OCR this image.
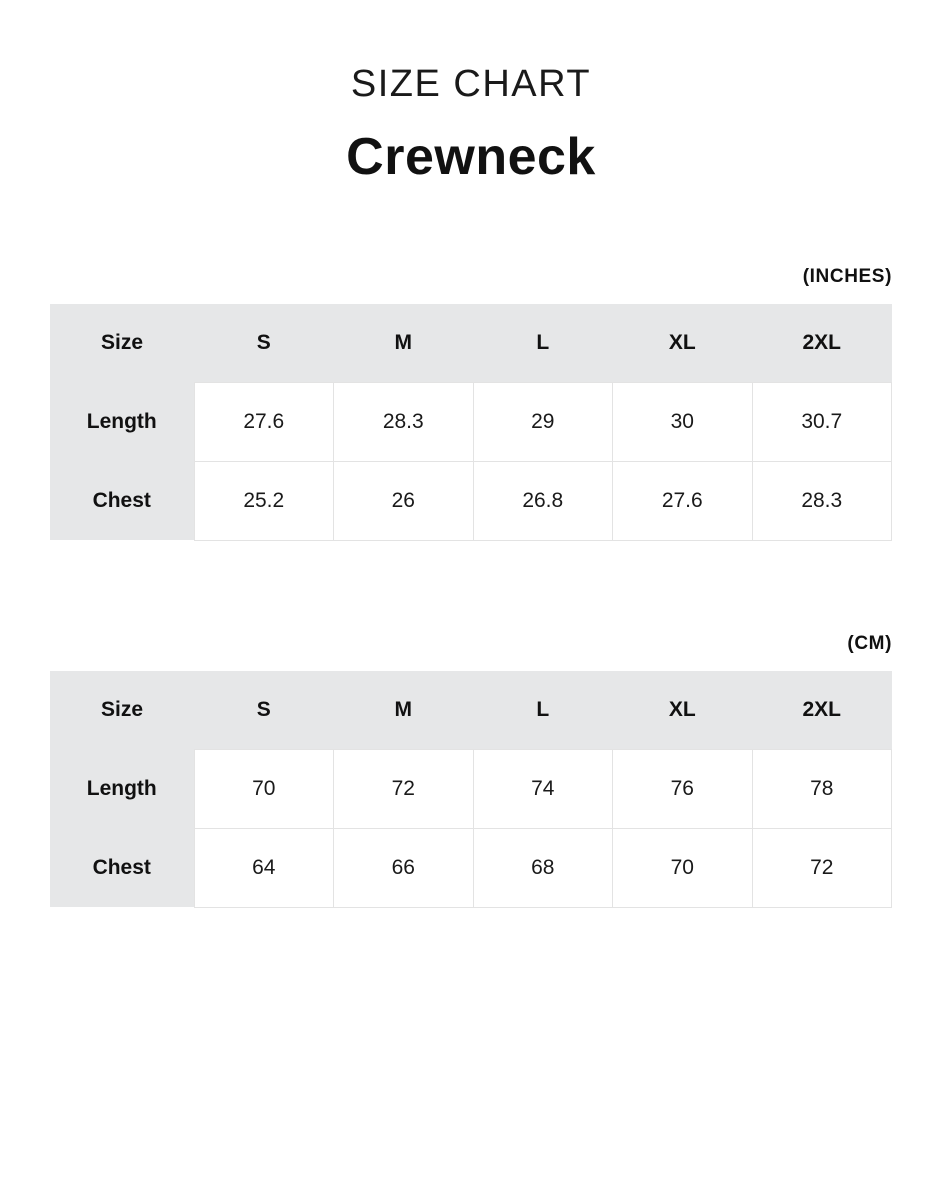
SIZE CHART
Crewneck
(INCHES)
Size	S	M	L	XL	2XL
Length	27.6	28.3	29	30	30.7
Chest	25.2	26	26.8	27.6	28.3
(CM)
Size	S	M	L	XL	2XL
Length	70	72	74	76	78
Chest	64	66	68	70	72
